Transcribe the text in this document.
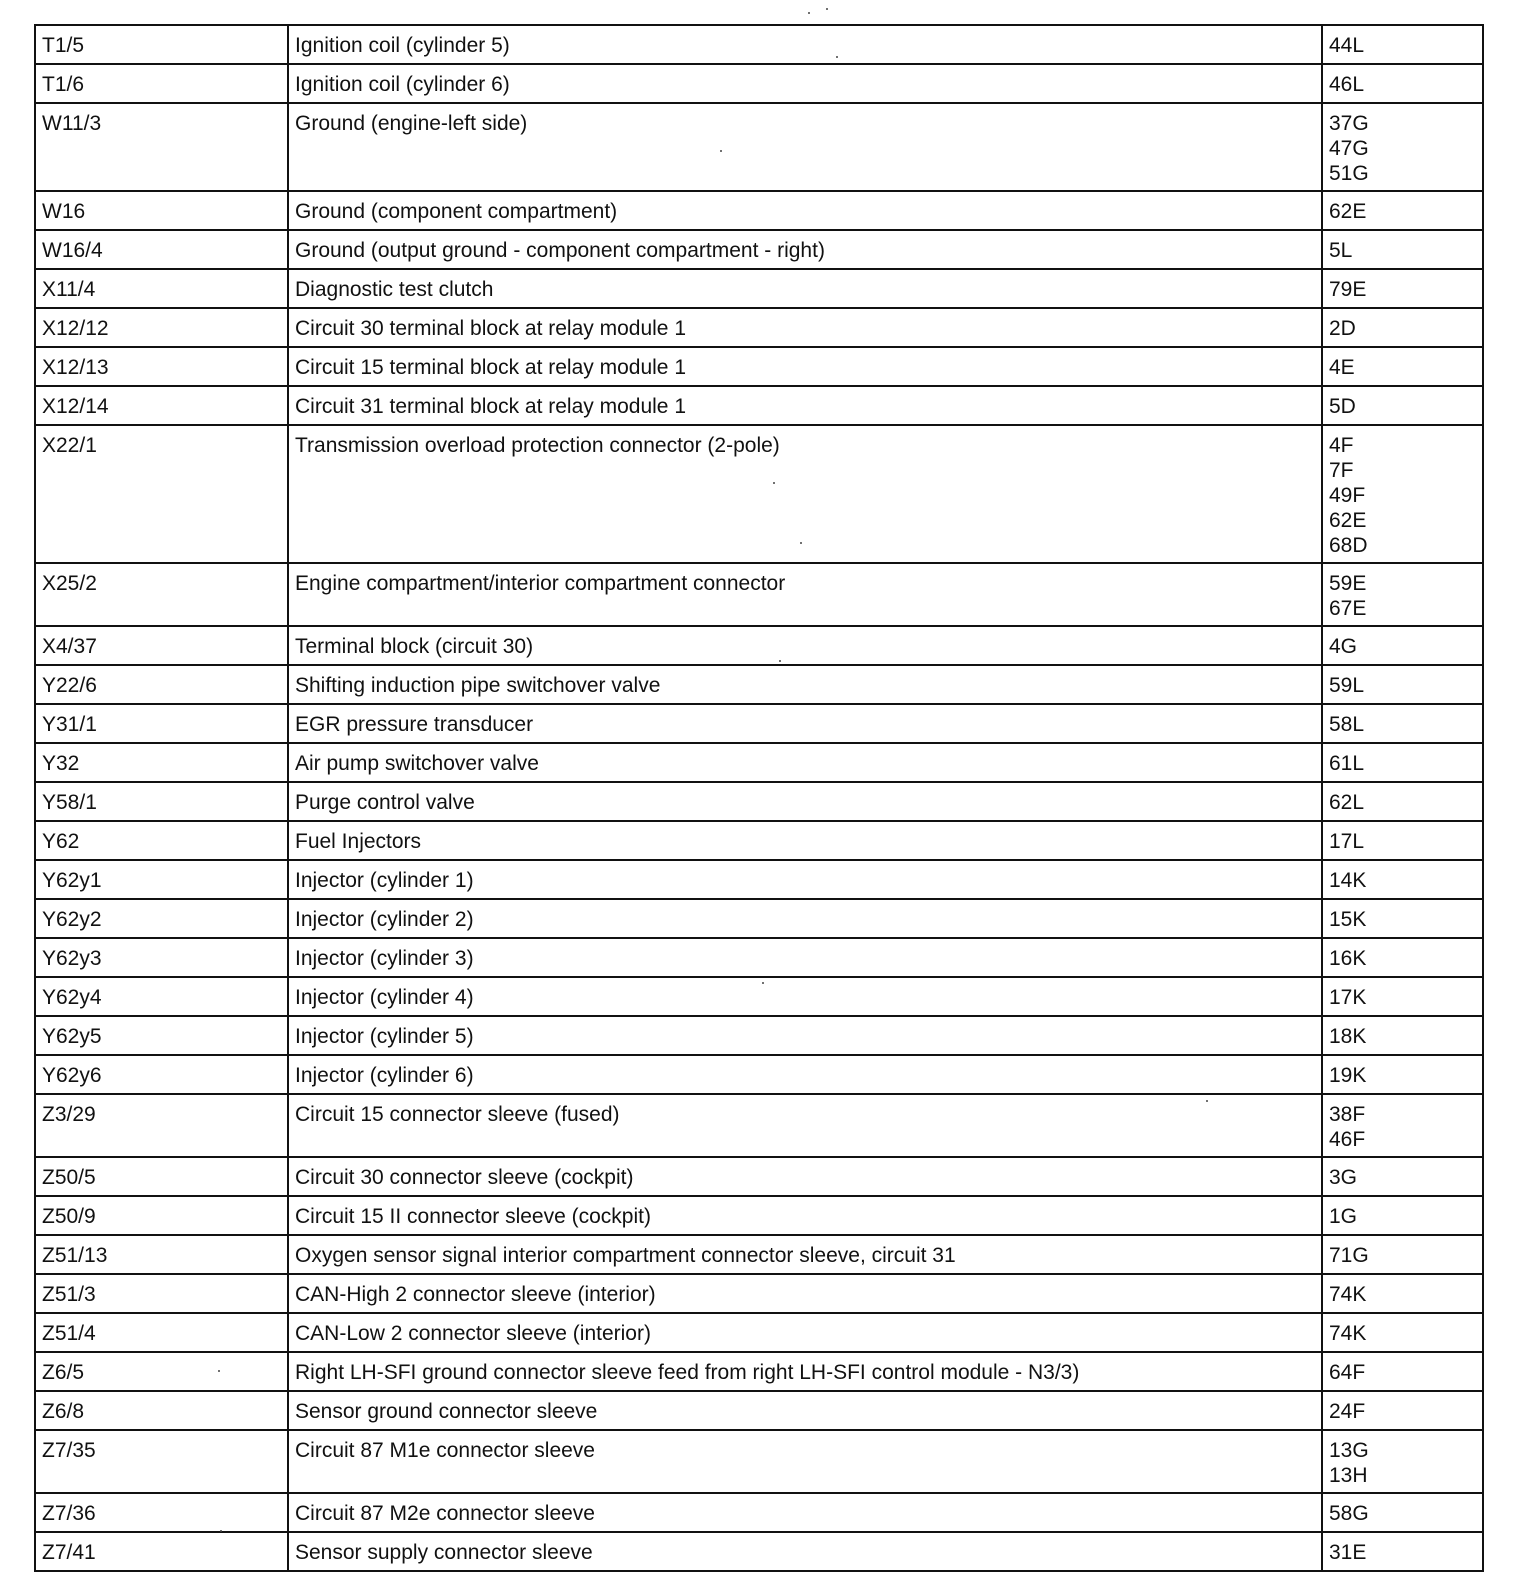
T1/5	Ignition coil (cylinder 5)	44L

T1/6	Ignition coil (cylinder 6)	46L

W11/3	Ground (engine-left side)	37G
47G
51G

W16	Ground (component compartment)	62E

W16/4	Ground (output ground - component compartment - right)	5L

X11/4	Diagnostic test clutch	79E

X12/12	Circuit 30 terminal block at relay module 1	2D

X12/13	Circuit 15 terminal block at relay module 1	4E

X12/14	Circuit 31 terminal block at relay module 1	5D

X22/1	Transmission overload protection connector (2-pole)	4F
7F
49F
62E
68D

X25/2	Engine compartment/interior compartment connector	59E
67E

X4/37	Terminal block (circuit 30)	4G

Y22/6	Shifting induction pipe switchover valve	59L

Y31/1	EGR pressure transducer	58L

Y32	Air pump switchover valve	61L

Y58/1	Purge control valve	62L

Y62	Fuel Injectors	17L

Y62y1	Injector (cylinder 1)	14K

Y62y2	Injector (cylinder 2)	15K

Y62y3	Injector (cylinder 3)	16K

Y62y4	Injector (cylinder 4)	17K

Y62y5	Injector (cylinder 5)	18K

Y62y6	Injector (cylinder 6)	19K

Z3/29	Circuit 15 connector sleeve (fused)	38F
46F

Z50/5	Circuit 30 connector sleeve (cockpit)	3G

Z50/9	Circuit 15 II connector sleeve (cockpit)	1G

Z51/13	Oxygen sensor signal interior compartment connector sleeve, circuit 31	71G

Z51/3	CAN-High 2 connector sleeve (interior)	74K

Z51/4	CAN-Low 2 connector sleeve (interior)	74K

Z6/5	Right LH-SFI ground connector sleeve feed from right LH-SFI control module - N3/3)	64F

Z6/8	Sensor ground connector sleeve	24F

Z7/35	Circuit 87 M1e connector sleeve	13G
13H

Z7/36	Circuit 87 M2e connector sleeve	58G

Z7/41	Sensor supply connector sleeve	31E
